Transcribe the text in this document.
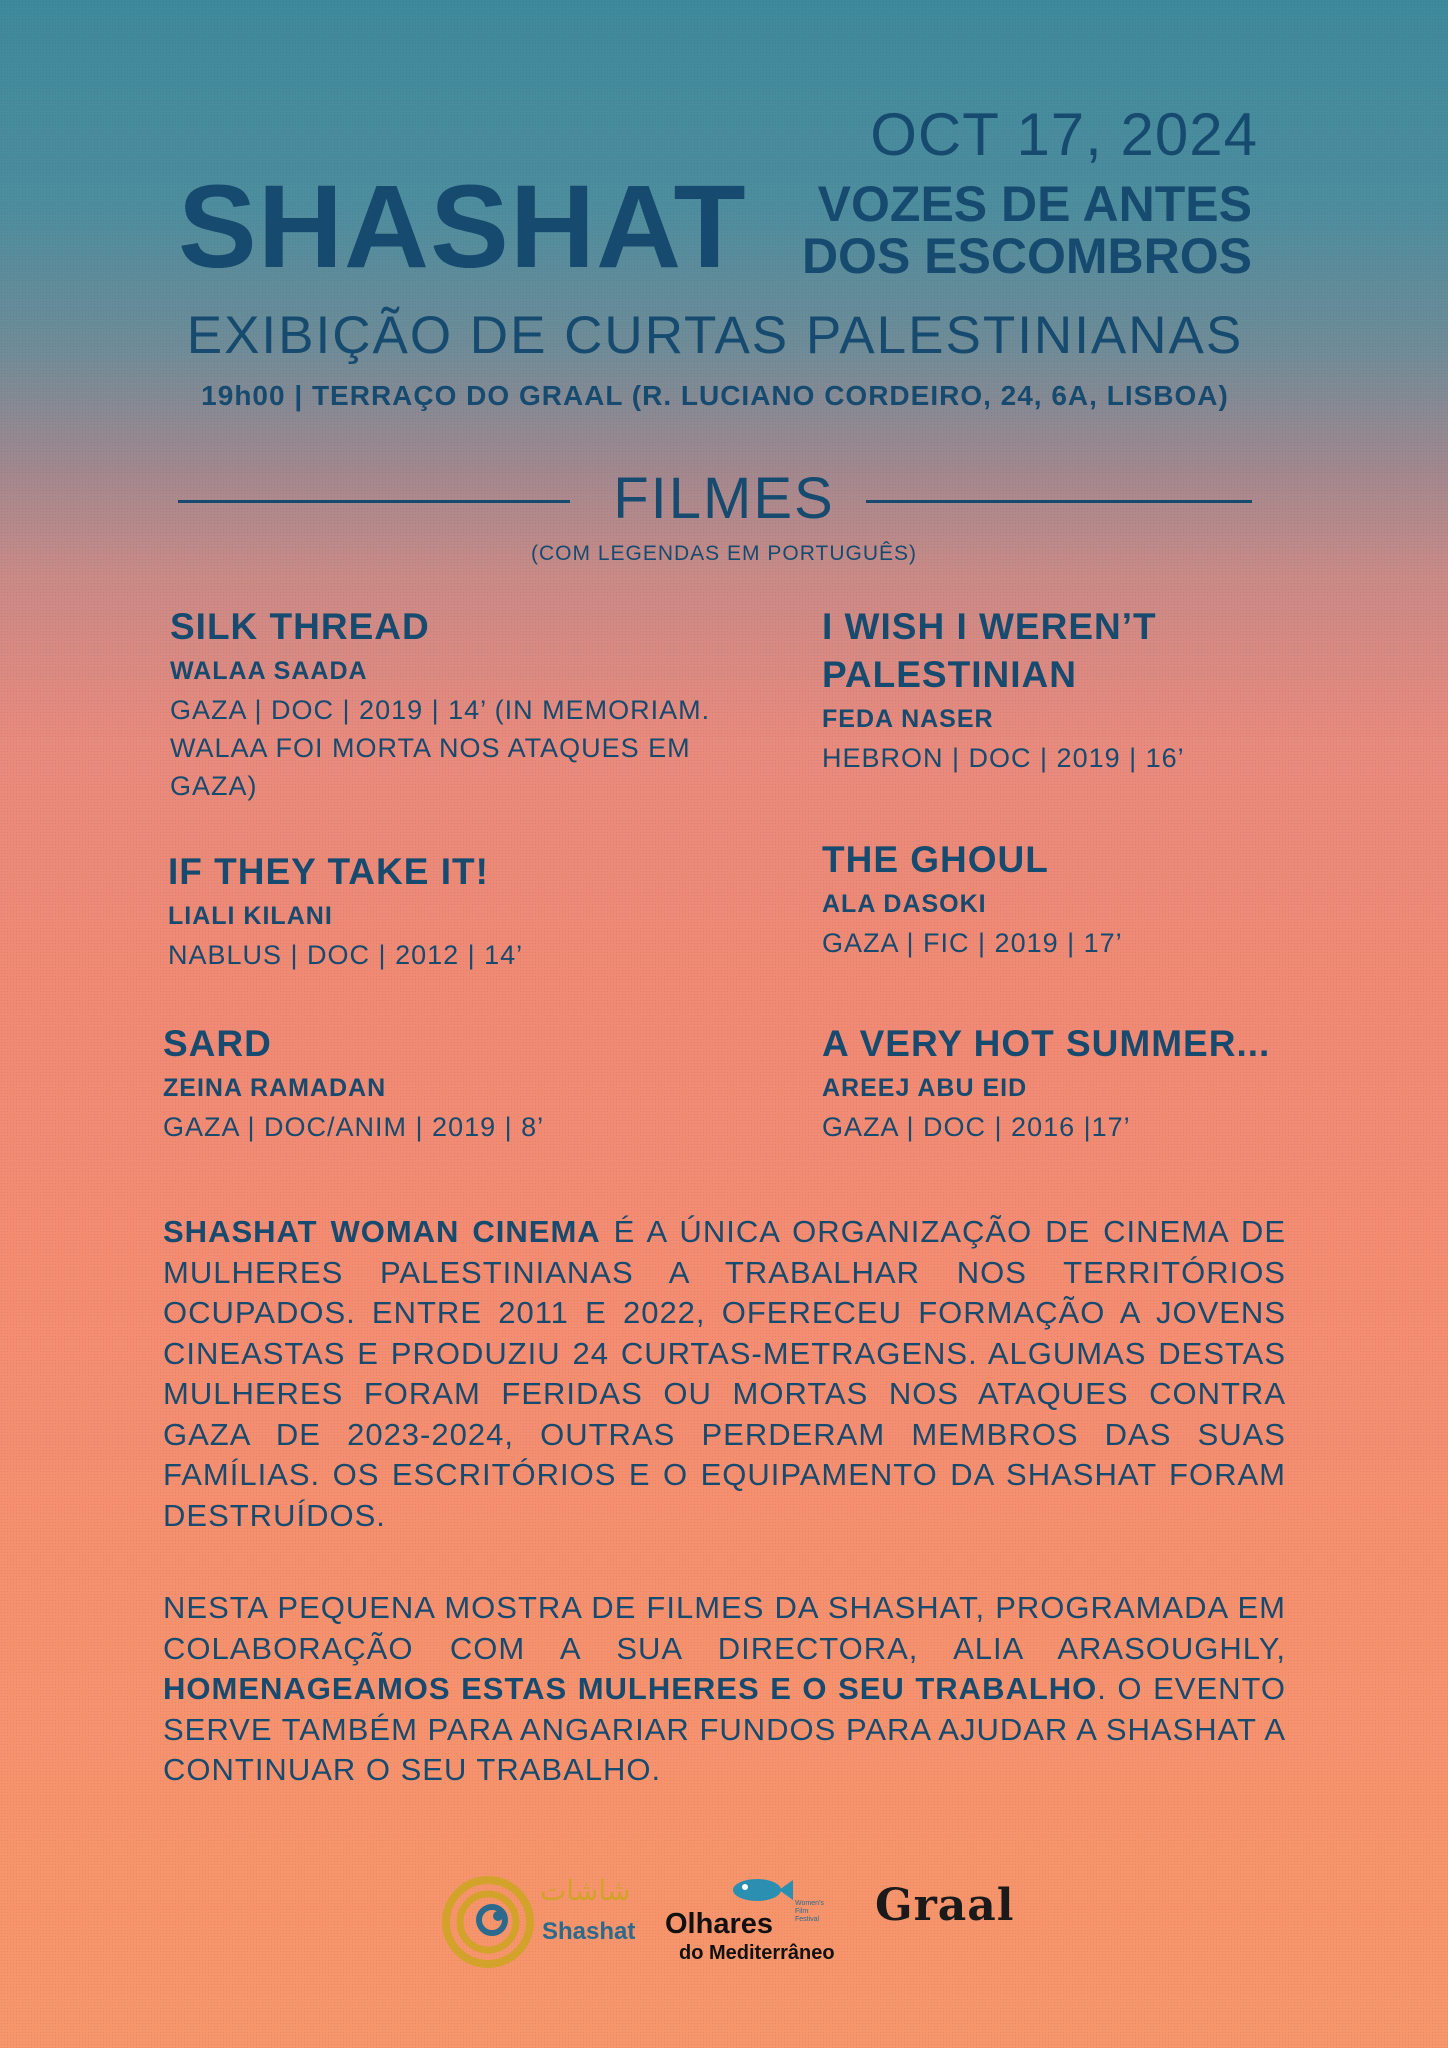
OCT 17, 2024
SHASHAT	VOZES DE ANTES
DOS ESCOMBROS
EXIBIÇÃO DE CURTAS PALESTINIANAS
19h00 | TERRAÇO DO GRAAL (R. LUCIANO CORDEIRO, 24, 6A, LISBOA)
FILMES
(COM LEGENDAS EM PORTUGUÊS)
SILK THREAD
WALAA SAADA
GAZA | DOC | 2019 | 14’ (IN MEMORIAM. WALAA FOI MORTA NOS ATAQUES EM GAZA)
IF THEY TAKE IT!
LIALI KILANI
NABLUS | DOC | 2012 | 14’
SARD
ZEINA RAMADAN
GAZA | DOC/ANIM | 2019 | 8’
I WISH I WEREN’T PALESTINIAN
FEDA NASER
HEBRON | DOC | 2019 | 16’
THE GHOUL
ALA DASOKI
GAZA | FIC | 2019 | 17’
A VERY HOT SUMMER...
AREEJ ABU EID
GAZA | DOC | 2016 |17’
SHASHAT WOMAN CINEMA É A ÚNICA ORGANIZAÇÃO DE CINEMA DE MULHERES PALESTINIANAS A TRABALHAR NOS TERRITÓRIOS OCUPADOS. ENTRE 2011 E 2022, OFERECEU FORMAÇÃO A JOVENS CINEASTAS E PRODUZIU 24 CURTAS-METRAGENS. ALGUMAS DESTAS MULHERES FORAM FERIDAS OU MORTAS NOS ATAQUES CONTRA GAZA DE 2023-2024, OUTRAS PERDERAM MEMBROS DAS SUAS FAMÍLIAS. OS ESCRITÓRIOS E O EQUIPAMENTO DA SHASHAT FORAM DESTRUÍDOS.
NESTA PEQUENA MOSTRA DE FILMES DA SHASHAT, PROGRAMADA EM COLABORAÇÃO COM A SUA DIRECTORA, ALIA ARASOUGHLY, HOMENAGEAMOS ESTAS MULHERES E O SEU TRABALHO. O EVENTO SERVE TAMBÉM PARA ANGARIAR FUNDOS PARA AJUDAR A SHASHAT A CONTINUAR O SEU TRABALHO.
شاشات
Shashat Olhares
Women's Film Festival
do Mediterrâneo
Graal
